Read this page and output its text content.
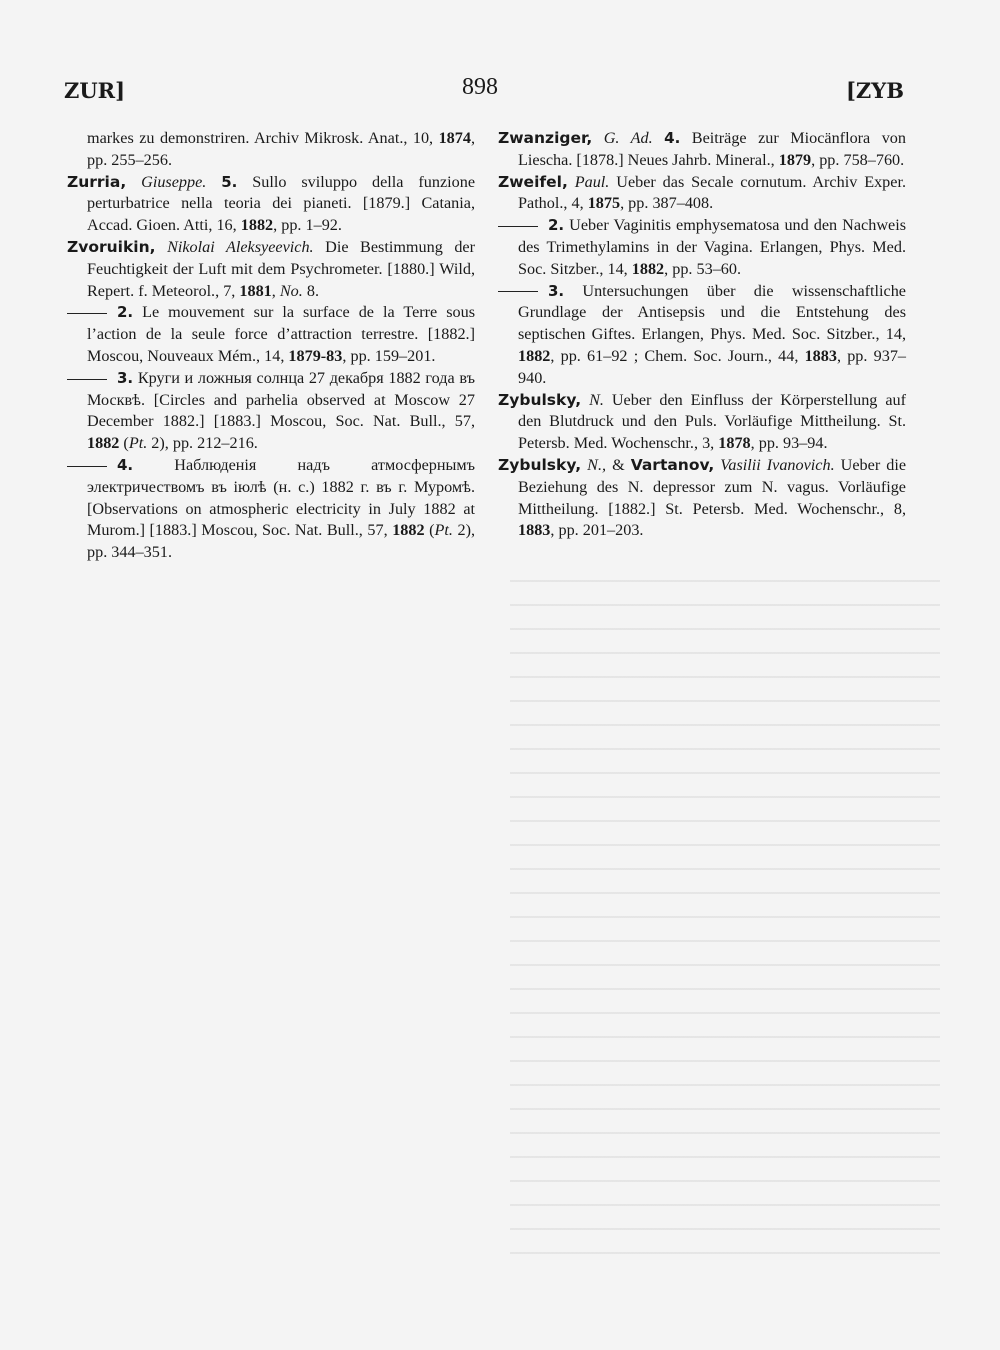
ZUR]	898	[ZYB

markes zu demonstriren. Archiv Mikrosk. Anat., 10, 1874, pp. 255–256.

Zurria, Giuseppe. 5. Sullo sviluppo della funzione perturbatrice nella teoria dei pianeti. [1879.] Catania, Accad. Gioen. Atti, 16, 1882, pp. 1–92.

Zvoruikin, Nikolai Aleksyeevich. Die Bestimmung der Feuchtigkeit der Luft mit dem Psychrometer. [1880.] Wild, Repert. f. Meteorol., 7, 1881, No. 8.

2. Le mouvement sur la surface de la Terre sous l’action de la seule force d’attraction terrestre. [1882.] Moscou, Nouveaux Mém., 14, 1879-83, pp. 159–201.

3. Круги и ложныя солнца 27 декабря 1882 года въ Москвѣ. [Circles and parhelia observed at Moscow 27 December 1882.] [1883.] Moscou, Soc. Nat. Bull., 57, 1882 (Pt. 2), pp. 212–216.

4. Наблюденія надъ атмосфернымъ электричествомъ въ іюлѣ (н. с.) 1882 г. въ г. Муромѣ. [Observations on atmospheric electricity in July 1882 at Murom.] [1883.] Moscou, Soc. Nat. Bull., 57, 1882 (Pt. 2), pp. 344–351.

Zwanziger, G. Ad. 4. Beiträge zur Miocänflora von Liescha. [1878.] Neues Jahrb. Mineral., 1879, pp. 758–760.

Zweifel, Paul. Ueber das Secale cornutum. Archiv Exper. Pathol., 4, 1875, pp. 387–408.

2. Ueber Vaginitis emphysematosa und den Nachweis des Trimethylamins in der Vagina. Erlangen, Phys. Med. Soc. Sitzber., 14, 1882, pp. 53–60.

3. Untersuchungen über die wissenschaftliche Grundlage der Antisepsis und die Entstehung des septischen Giftes. Erlangen, Phys. Med. Soc. Sitzber., 14, 1882, pp. 61–92 ; Chem. Soc. Journ., 44, 1883, pp. 937–940.

Zybulsky, N. Ueber den Einfluss der Körperstellung auf den Blutdruck und den Puls. Vorläufige Mittheilung. St. Petersb. Med. Wochenschr., 3, 1878, pp. 93–94.

Zybulsky, N., & Vartanov, Vasilii Ivanovich. Ueber die Beziehung des N. depressor zum N. vagus. Vorläufige Mittheilung. [1882.] St. Petersb. Med. Wochenschr., 8, 1883, pp. 201–203.
